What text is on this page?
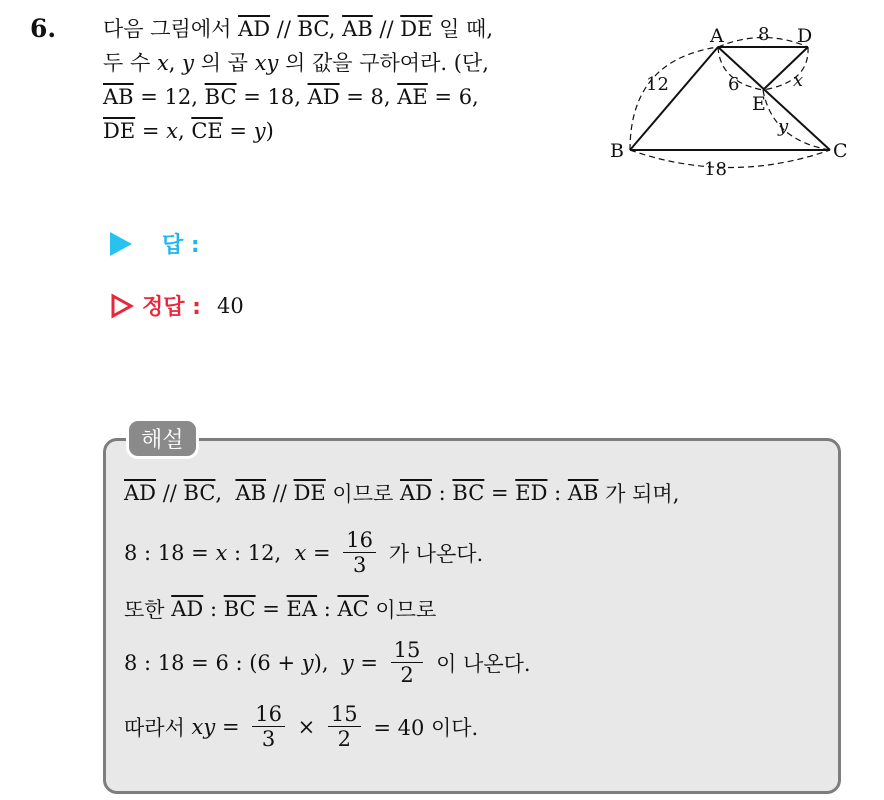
6. 다음 그림에서 $\overline{AD} // \overline{BC}$, $\overline{AB} // \overline{DE}$ 일 때,
두 수 x, y 의 곱 xy 의 값을 구하여라. (단,
$\overline{AB} = 12$, $\overline{BC} = 18$, $\overline{AD} = 8$, $\overline{AE} = 6$,
$\overline{DE} = x$, $\overline{CE} = y$)
A	D
B	C
E
8
12	6	x
y
18
답 :
정답 : 40
해설
$\overline{AD} // \overline{BC}$ , $\overline{AB} // \overline{DE}$ 이므로 $\overline{AD}$ : $\overline{BC} = \overline{ED}$ : $\overline{AB}$ 가 되며,
8 : 18 = x : 12, $x = \frac{16}{3}$ 가 나온다.
또한 $\overline{AD}$ : $\overline{BC} = \overline{EA}$ : $\overline{AC}$ 이므로
8 : 18 = 6 : (6 + y ), $y = \frac{15}{2}$ 이 나온다.
따라서 xy = $\frac{16}{3} \times \frac{15}{2} = 40$ 이다.
